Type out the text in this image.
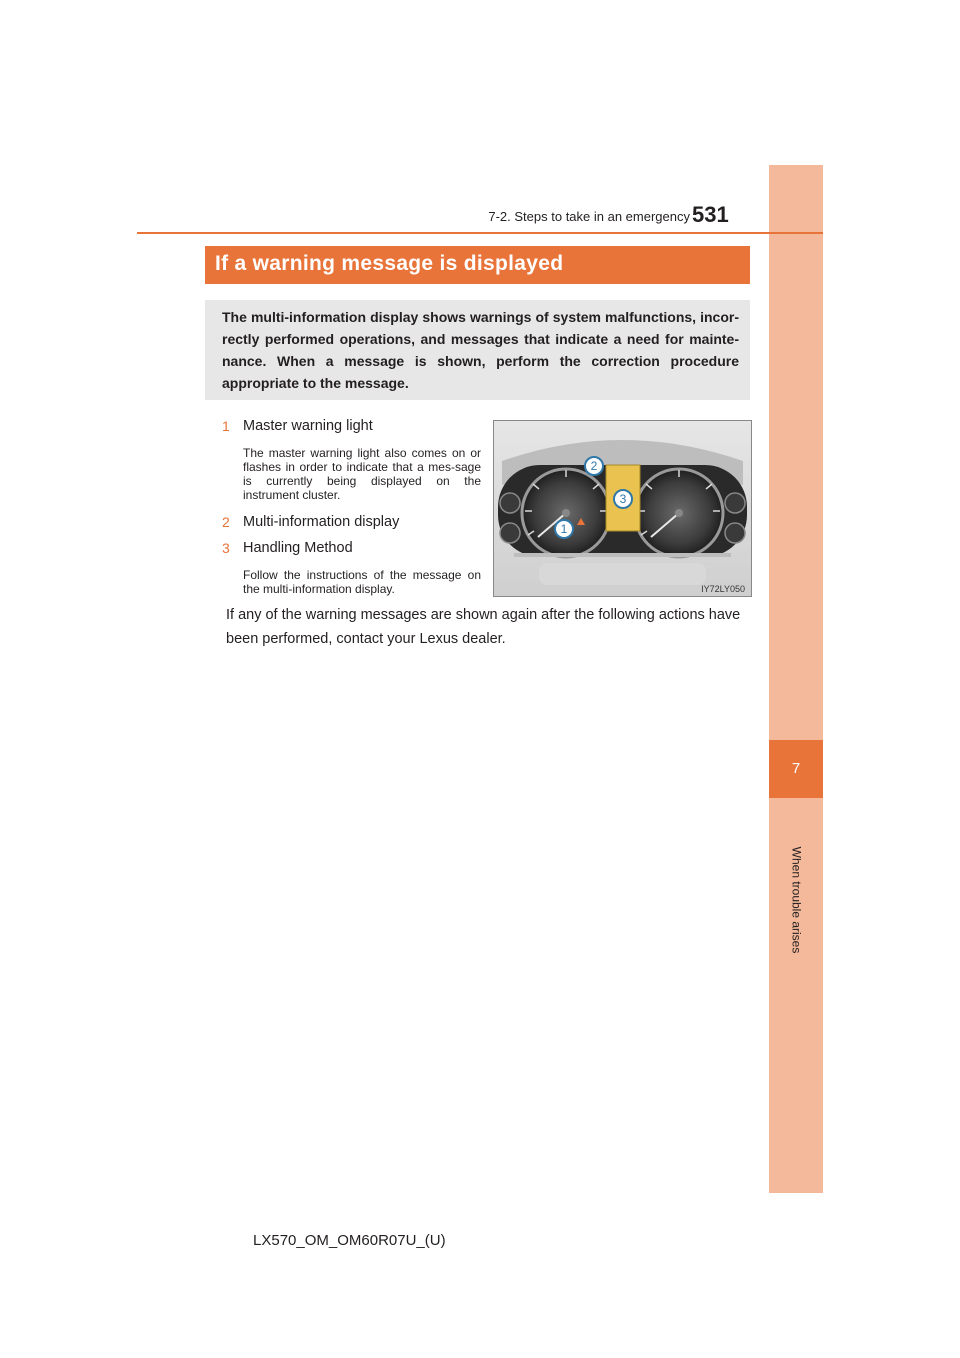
7
When trouble arises
7-2. Steps to take in an emergency 531
If a warning message is displayed
The multi-information display shows warnings of system malfunctions, incor-rectly performed operations, and messages that indicate a need for mainte-nance. When a message is shown, perform the correction procedure appropriate to the message.
1 Master warning light
The master warning light also comes on or flashes in order to indicate that a mes-sage is currently being displayed on the instrument cluster.
2 Multi-information display
3 Handling Method
Follow the instructions of the message on the multi-information display.
1
2
3
IY72LY050
If any of the warning messages are shown again after the following actions have been performed, contact your Lexus dealer.
LX570_OM_OM60R07U_(U)
